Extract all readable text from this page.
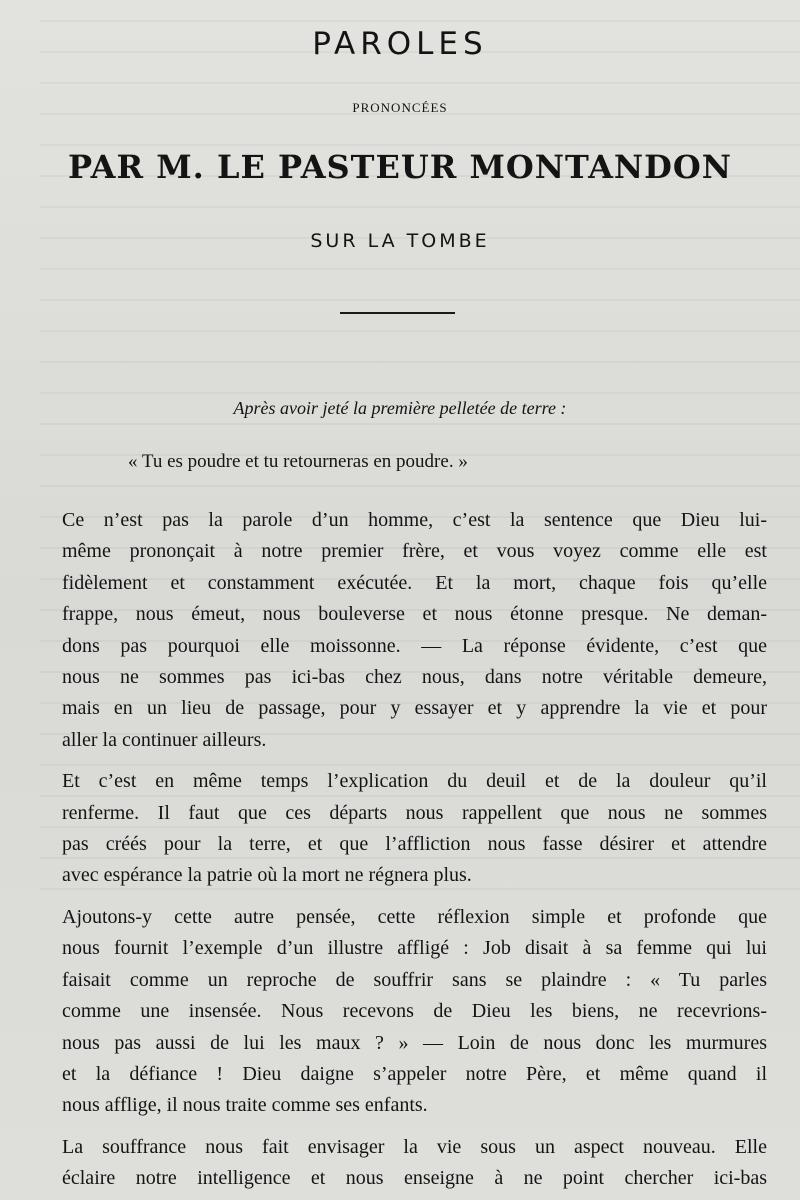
PAROLES
PRONONCÉES
PAR M. LE PASTEUR MONTANDON
SUR LA TOMBE
Après avoir jeté la première pelletée de terre :
« Tu es poudre et tu retourneras en poudre. »

Ce n’est pas la parole d’un homme, c’est la sentence que Dieu lui-
même prononçait à notre premier frère, et vous voyez comme elle est
fidèlement et constamment exécutée. Et la mort, chaque fois qu’elle
frappe, nous émeut, nous bouleverse et nous étonne presque. Ne deman-
dons pas pourquoi elle moissonne. — La réponse évidente, c’est que
nous ne sommes pas ici-bas chez nous, dans notre véritable demeure,
mais en un lieu de passage, pour y essayer et y apprendre la vie et pour
aller la continuer ailleurs.

Et c’est en même temps l’explication du deuil et de la douleur qu’il
renferme. Il faut que ces départs nous rappellent que nous ne sommes
pas créés pour la terre, et que l’affliction nous fasse désirer et attendre
avec espérance la patrie où la mort ne régnera plus.

Ajoutons-y cette autre pensée, cette réflexion simple et profonde que
nous fournit l’exemple d’un illustre affligé : Job disait à sa femme qui lui
faisait comme un reproche de souffrir sans se plaindre : « Tu parles
comme une insensée. Nous recevons de Dieu les biens, ne recevrions-
nous pas aussi de lui les maux ? » — Loin de nous donc les murmures
et la défiance ! Dieu daigne s’appeler notre Père, et même quand il
nous afflige, il nous traite comme ses enfants.

La souffrance nous fait envisager la vie sous un aspect nouveau. Elle
éclaire notre intelligence et nous enseigne à ne point chercher ici-bas
